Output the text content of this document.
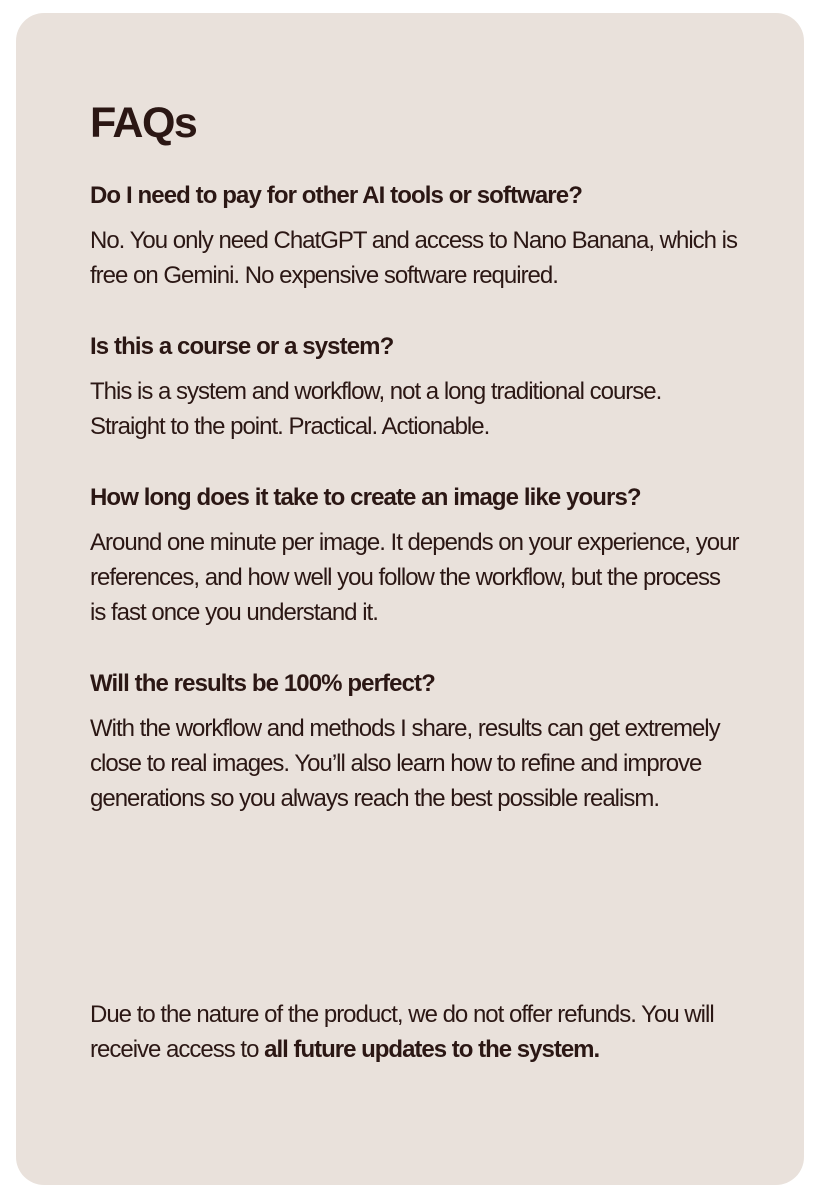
FAQs
Do I need to pay for other AI tools or software?

No. You only need ChatGPT and access to Nano Banana, which is free on Gemini. No expensive software required.

Is this a course or a system?

This is a system and workflow, not a long traditional course. Straight to the point. Practical. Actionable.

How long does it take to create an image like yours?

Around one minute per image. It depends on your experience, your references, and how well you follow the workflow, but the process is fast once you understand it.

Will the results be 100% perfect?

With the workflow and methods I share, results can get extremely close to real images. You’ll also learn how to refine and improve generations so you always reach the best possible realism.

Due to the nature of the product, we do not offer refunds. You will receive access to all future updates to the system.
